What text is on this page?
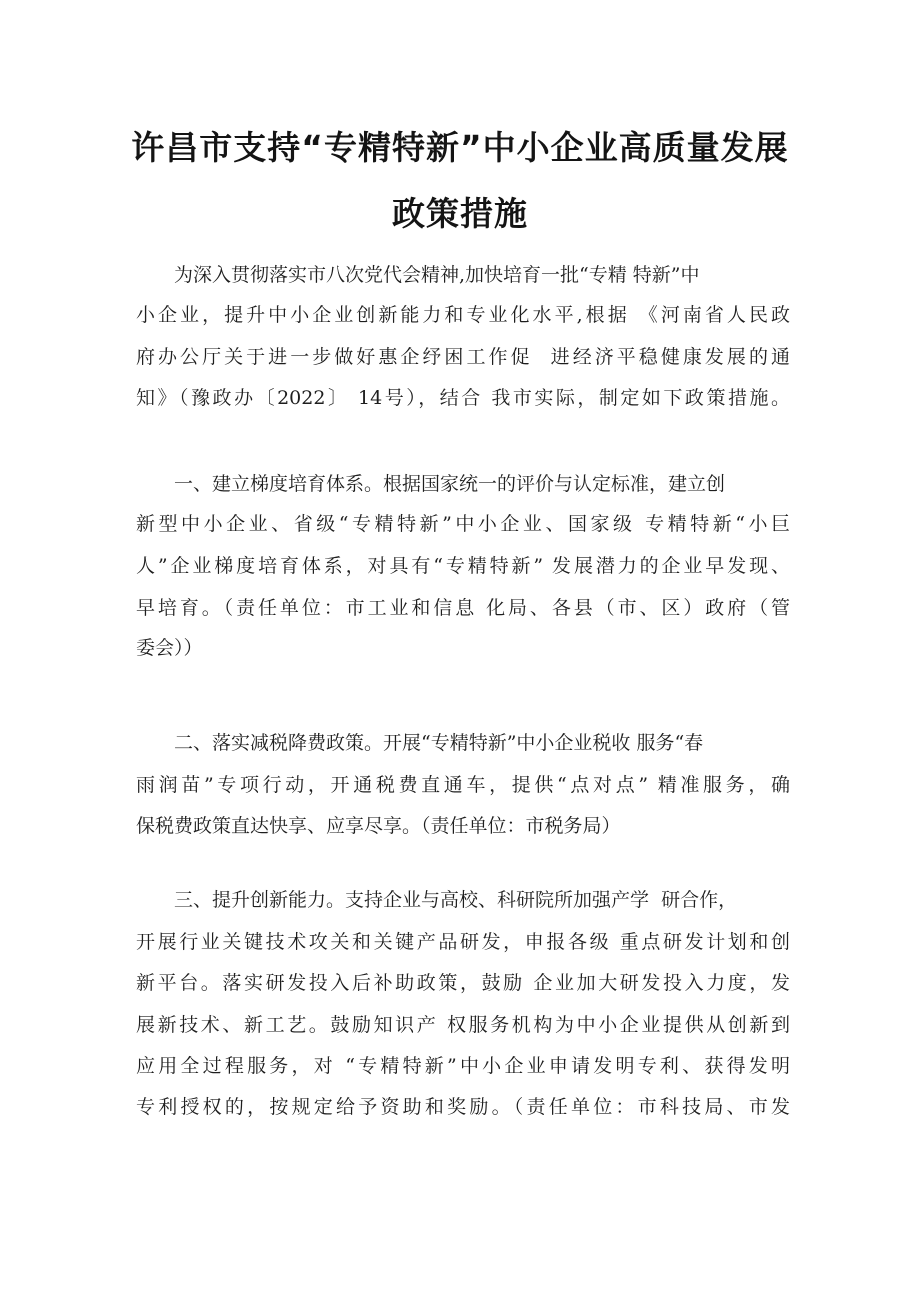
许昌市支持“专精特新”中小企业高质量发展
政策措施
为深入贯彻落实市八次党代会精神,加快培育一批“专精 特新”中
小企业，提升中小企业创新能力和专业化水平,根据 《河南省人民政
府办公厅关于进一步做好惠企纾困工作促  进经济平稳健康发展的通
知》（豫政办〔2022〕 14号），结合 我市实际，制定如下政策措施。
一、建立梯度培育体系。根据国家统一的评价与认定标准，建立创
新型中小企业、省级“专精特新”中小企业、国家级 专精特新“小巨
人”企业梯度培育体系，对具有“专精特新” 发展潜力的企业早发现、
早培育。（责任单位：市工业和信息 化局、各县（市、区）政府（管
委会））
二、落实减税降费政策。开展“专精特新”中小企业税收 服务“春
雨润苗”专项行动，开通税费直通车，提供“点对点” 精准服务，确
保税费政策直达快享、应享尽享。（责任单位：市税务局）
三、提升创新能力。支持企业与高校、科研院所加强产学  研合作，
开展行业关键技术攻关和关键产品研发，申报各级 重点研发计划和创
新平台。落实研发投入后补助政策，鼓励 企业加大研发投入力度，发
展新技术、新工艺。鼓励知识产 权服务机构为中小企业提供从创新到
应用全过程服务，对 “专精特新”中小企业申请发明专利、获得发明
专利授权的，按规定给予资助和奖励。（责任单位：市科技局、市发
